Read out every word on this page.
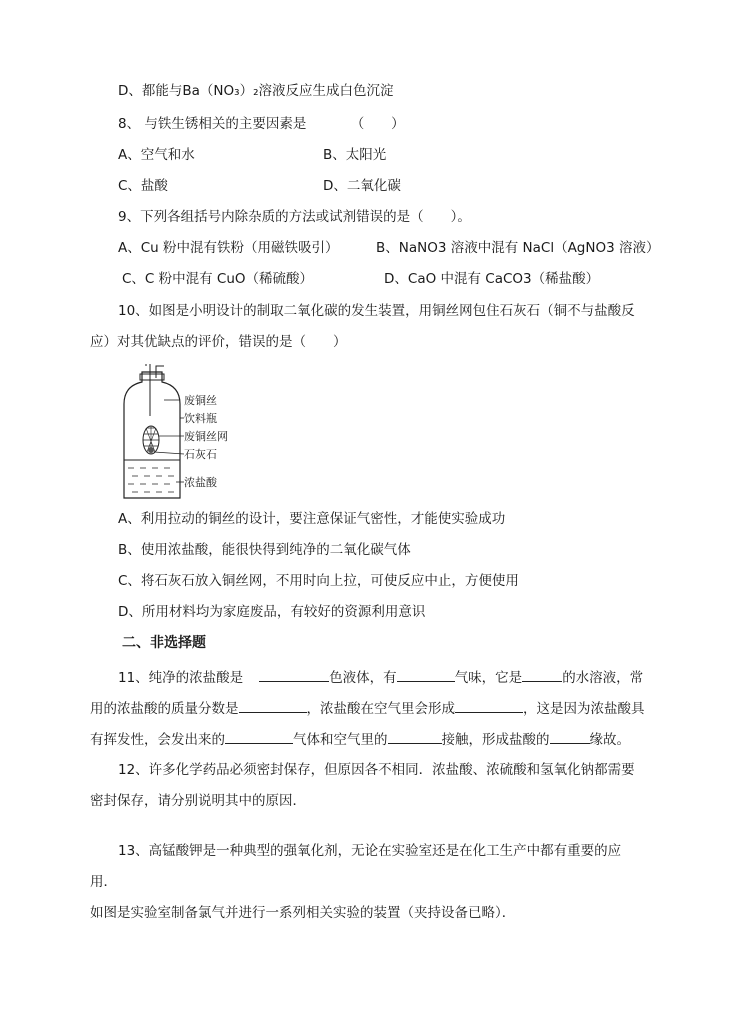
D、都能与Ba（NO₃）₂溶液反应生成白色沉淀
8、 与铁生锈相关的主要因素是	（　　）
A、空气和水	B、太阳光
C、盐酸	D、二氧化碳
9、下列各组括号内除杂质的方法或试剂错误的是（　　）。
A、Cu 粉中混有铁粉（用磁铁吸引）	B、NaNO3 溶液中混有 NaCl（AgNO3 溶液）
C、C 粉中混有 CuO（稀硫酸）	D、CaO 中混有 CaCO3（稀盐酸）
10、如图是小明设计的制取二氧化碳的发生装置，用铜丝网包住石灰石（铜不与盐酸反
应）对其优缺点的评价，错误的是（　　）
废铜丝
饮料瓶
废铜丝网
石灰石
浓盐酸
A、利用拉动的铜丝的设计，要注意保证气密性，才能使实验成功
B、使用浓盐酸，能很快得到纯净的二氧化碳气体
C、将石灰石放入铜丝网，不用时向上拉，可使反应中止，方便使用
D、所用材料均为家庭废品，有较好的资源利用意识
二、非选择题
11、纯净的浓盐酸是	色液体，有	气味，它是	的水溶液，常
用的浓盐酸的质量分数是	，浓盐酸在空气里会形成	，这是因为浓盐酸具
有挥发性，会发出来的	气体和空气里的	接触，形成盐酸的	缘故。
12、许多化学药品必须密封保存，但原因各不相同．浓盐酸、浓硫酸和氢氧化钠都需要
密封保存，请分别说明其中的原因．
13、高锰酸钾是一种典型的强氧化剂，无论在实验室还是在化工生产中都有重要的应
用．
如图是实验室制备氯气并进行一系列相关实验的装置（夹持设备已略）．
